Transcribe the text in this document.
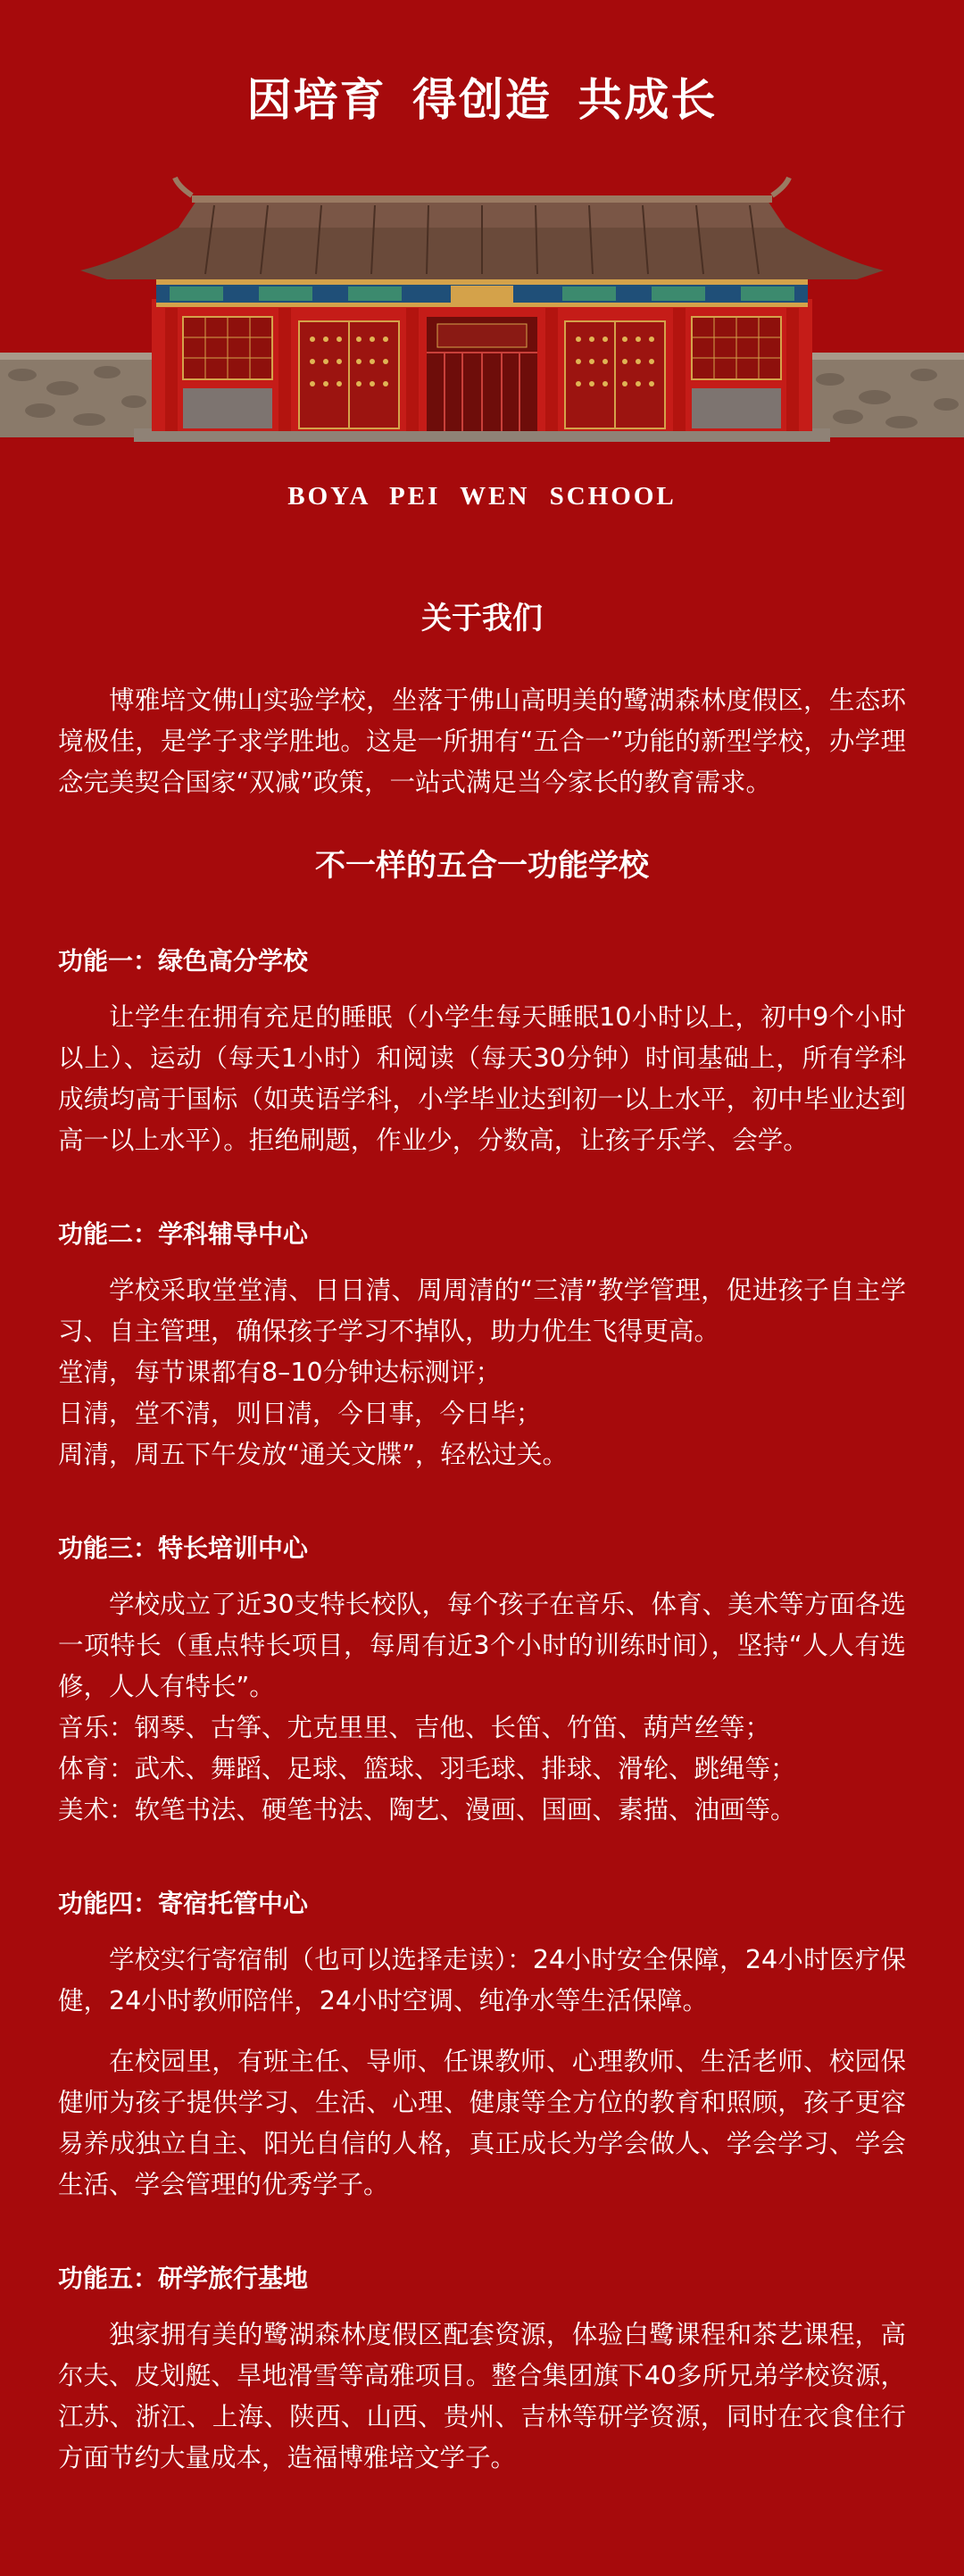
因培育 得创造 共成长
BOYA PEI WEN SCHOOL
关于我们

博雅培文佛山实验学校，坐落于佛山高明美的鹭湖森林度假区，生态环境极佳，是学子求学胜地。这是一所拥有“五合一”功能的新型学校，办学理念完美契合国家“双减”政策，一站式满足当今家长的教育需求。

不一样的五合一功能学校
功能一：绿色高分学校

让学生在拥有充足的睡眠（小学生每天睡眠10小时以上，初中9个小时以上）、运动（每天1小时）和阅读（每天30分钟）时间基础上，所有学科成绩均高于国标（如英语学科，小学毕业达到初一以上水平，初中毕业达到高一以上水平）。拒绝刷题，作业少，分数高，让孩子乐学、会学。

功能二：学科辅导中心

学校采取堂堂清、日日清、周周清的“三清”教学管理，促进孩子自主学习、自主管理，确保孩子学习不掉队，助力优生飞得更高。

堂清，每节课都有8–10分钟达标测评；

日清，堂不清，则日清，今日事，今日毕；

周清，周五下午发放“通关文牒”，轻松过关。

功能三：特长培训中心

学校成立了近30支特长校队，每个孩子在音乐、体育、美术等方面各选一项特长（重点特长项目，每周有近3个小时的训练时间），坚持“人人有选修，人人有特长”。

音乐：钢琴、古筝、尤克里里、吉他、长笛、竹笛、葫芦丝等；

体育：武术、舞蹈、足球、篮球、羽毛球、排球、滑轮、跳绳等；

美术：软笔书法、硬笔书法、陶艺、漫画、国画、素描、油画等。

功能四：寄宿托管中心

学校实行寄宿制（也可以选择走读）：24小时安全保障，24小时医疗保健，24小时教师陪伴，24小时空调、纯净水等生活保障。

在校园里，有班主任、导师、任课教师、心理教师、生活老师、校园保健师为孩子提供学习、生活、心理、健康等全方位的教育和照顾，孩子更容易养成独立自主、阳光自信的人格，真正成长为学会做人、学会学习、学会生活、学会管理的优秀学子。

功能五：研学旅行基地

独家拥有美的鹭湖森林度假区配套资源，体验白鹭课程和茶艺课程，高尔夫、皮划艇、旱地滑雪等高雅项目。整合集团旗下40多所兄弟学校资源，江苏、浙江、上海、陕西、山西、贵州、吉林等研学资源，同时在衣食住行方面节约大量成本，造福博雅培文学子。
